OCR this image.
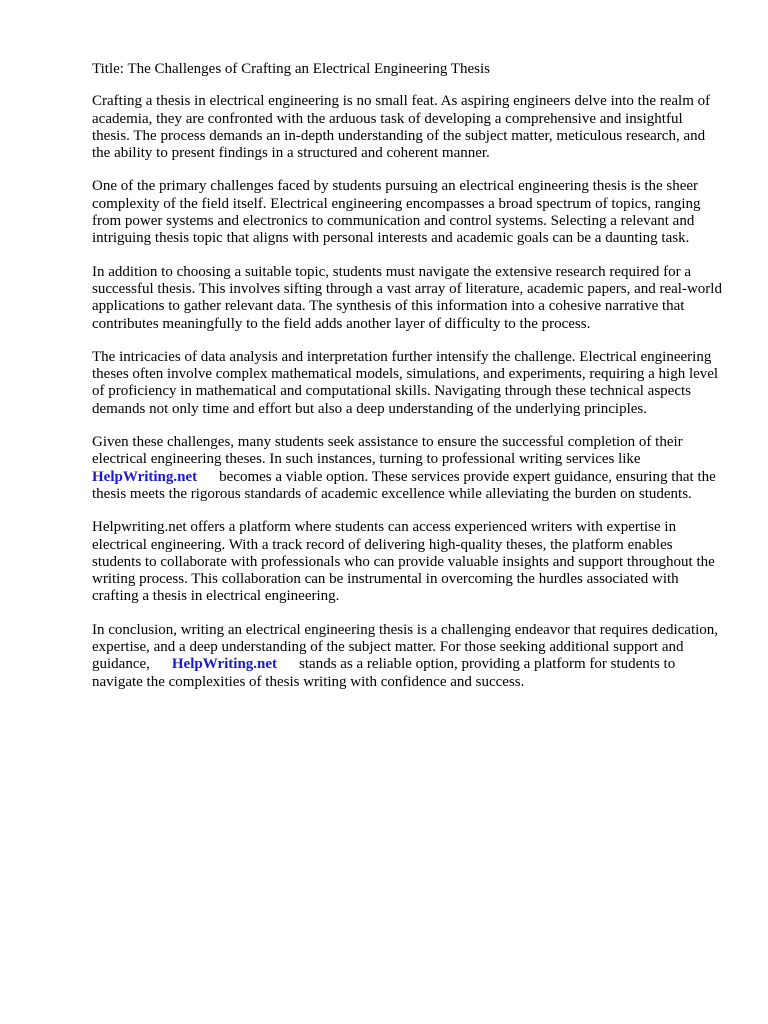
Title: The Challenges of Crafting an Electrical Engineering Thesis

Crafting a thesis in electrical engineering is no small feat. As aspiring engineers delve into the realm of academia, they are confronted with the arduous task of developing a comprehensive and insightful thesis. The process demands an in-depth understanding of the subject matter, meticulous research, and the ability to present findings in a structured and coherent manner.

One of the primary challenges faced by students pursuing an electrical engineering thesis is the sheer complexity of the field itself. Electrical engineering encompasses a broad spectrum of topics, ranging from power systems and electronics to communication and control systems. Selecting a relevant and intriguing thesis topic that aligns with personal interests and academic goals can be a daunting task.

In addition to choosing a suitable topic, students must navigate the extensive research required for a successful thesis. This involves sifting through a vast array of literature, academic papers, and real-world applications to gather relevant data. The synthesis of this information into a cohesive narrative that contributes meaningfully to the field adds another layer of difficulty to the process.

The intricacies of data analysis and interpretation further intensify the challenge. Electrical engineering theses often involve complex mathematical models, simulations, and experiments, requiring a high level of proficiency in mathematical and computational skills. Navigating through these technical aspects demands not only time and effort but also a deep understanding of the underlying principles.

Given these challenges, many students seek assistance to ensure the successful completion of their electrical engineering theses. In such instances, turning to professional writing services like
HelpWriting.net becomes a viable option. These services provide expert guidance, ensuring that the thesis meets the rigorous standards of academic excellence while alleviating the burden on students.

Helpwriting.net offers a platform where students can access experienced writers with expertise in electrical engineering. With a track record of delivering high-quality theses, the platform enables students to collaborate with professionals who can provide valuable insights and support throughout the writing process. This collaboration can be instrumental in overcoming the hurdles associated with crafting a thesis in electrical engineering.

In conclusion, writing an electrical engineering thesis is a challenging endeavor that requires dedication, expertise, and a deep understanding of the subject matter. For those seeking additional support and guidance, HelpWriting.net stands as a reliable option, providing a platform for students to navigate the complexities of thesis writing with confidence and success.
